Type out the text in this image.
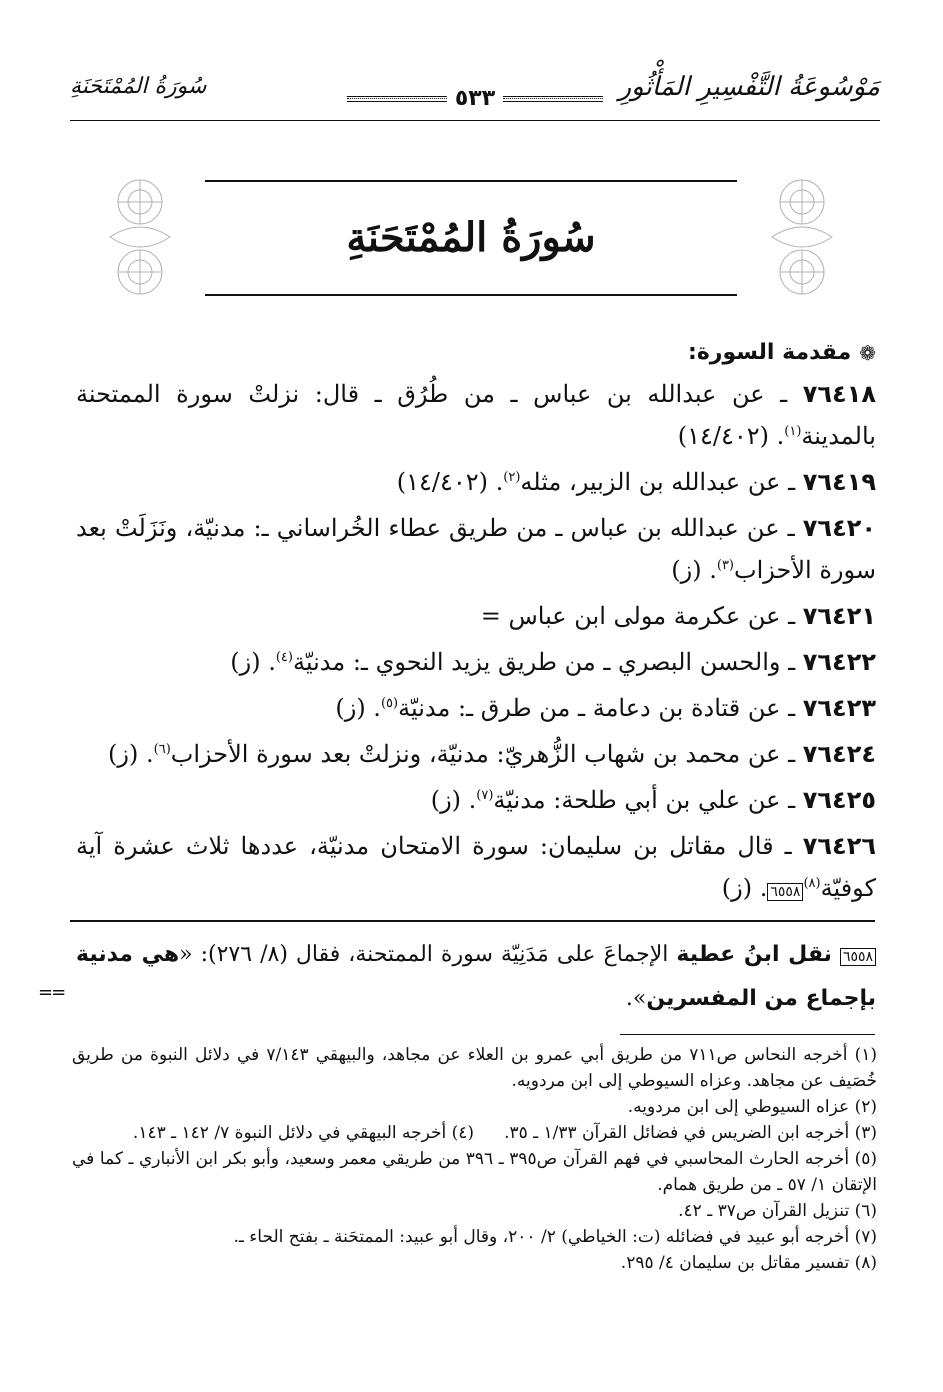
مَوْسُوعَةُ التَّفْسِيرِ المَأْثُورِ
٥٣٣
سُورَةُ المُمْتَحَنَةِ
سُورَةُ المُمْتَحَنَةِ
❁
مقدمة السورة:
٧٦٤١٨ ـ عن عبدالله بن عباس ـ من طُرُق ـ قال: نزلتْ سورة الممتحنة بالمدينة$^{(١)}$. (١٤/٤٠٢)
٧٦٤١٩ ـ عن عبدالله بن الزبير، مثله$^{(٢)}$. (١٤/٤٠٢)
٧٦٤٢٠ ـ عن عبدالله بن عباس ـ من طريق عطاء الخُراساني ـ: مدنيّة، ونَزَلَتْ بعد سورة الأحزاب$^{(٣)}$. (ز)
٧٦٤٢١ ـ عن عكرمة مولى ابن عباس =
٧٦٤٢٢ ـ والحسن البصري ـ من طريق يزيد النحوي ـ: مدنيّة$^{(٤)}$. (ز)
٧٦٤٢٣ ـ عن قتادة بن دعامة ـ من طرق ـ: مدنيّة$^{(٥)}$. (ز)
٧٦٤٢٤ ـ عن محمد بن شهاب الزُّهريّ: مدنيّة، ونزلتْ بعد سورة الأحزاب$^{(٦)}$. (ز)
٧٦٤٢٥ ـ عن علي بن أبي طلحة: مدنيّة$^{(٧)}$. (ز)
٧٦٤٢٦ ـ قال مقاتل بن سليمان: سورة الامتحان مدنيّة، عددها ثلاث عشرة آية كوفيّة$^{(٨)}$٦٥٥٨. (ز)
٦٥٥٨ نقل ابنُ عطية الإجماعَ على مَدَنِيّة سورة الممتحنة، فقال (٨/ ٢٧٦): «هي مدنية بإجماع من المفسرين».
==

(١) أخرجه النحاس ص٧١١ من طريق أبي عمرو بن العلاء عن مجاهد، والبيهقي ٧/١٤٣ في دلائل النبوة من طريق خُصَيف عن مجاهد. وعزاه السيوطي إلى ابن مردويه.

(٢) عزاه السيوطي إلى ابن مردويه.

(٣) أخرجه ابن الضريس في فضائل القرآن ١/٣٣ ـ ٣٥.

(٤) أخرجه البيهقي في دلائل النبوة ٧/ ١٤٢ ـ ١٤٣.

(٥) أخرجه الحارث المحاسبي في فهم القرآن ص٣٩٥ ـ ٣٩٦ من طريقي معمر وسعيد، وأبو بكر ابن الأنباري ـ كما في الإتقان ١/ ٥٧ ـ من طريق همام.

(٦) تنزيل القرآن ص٣٧ ـ ٤٢.

(٧) أخرجه أبو عبيد في فضائله (ت: الخياطي) ٢/ ٢٠٠، وقال أبو عبيد: الممتحَنة ـ بفتح الحاء ـ.

(٨) تفسير مقاتل بن سليمان ٤/ ٢٩٥.
